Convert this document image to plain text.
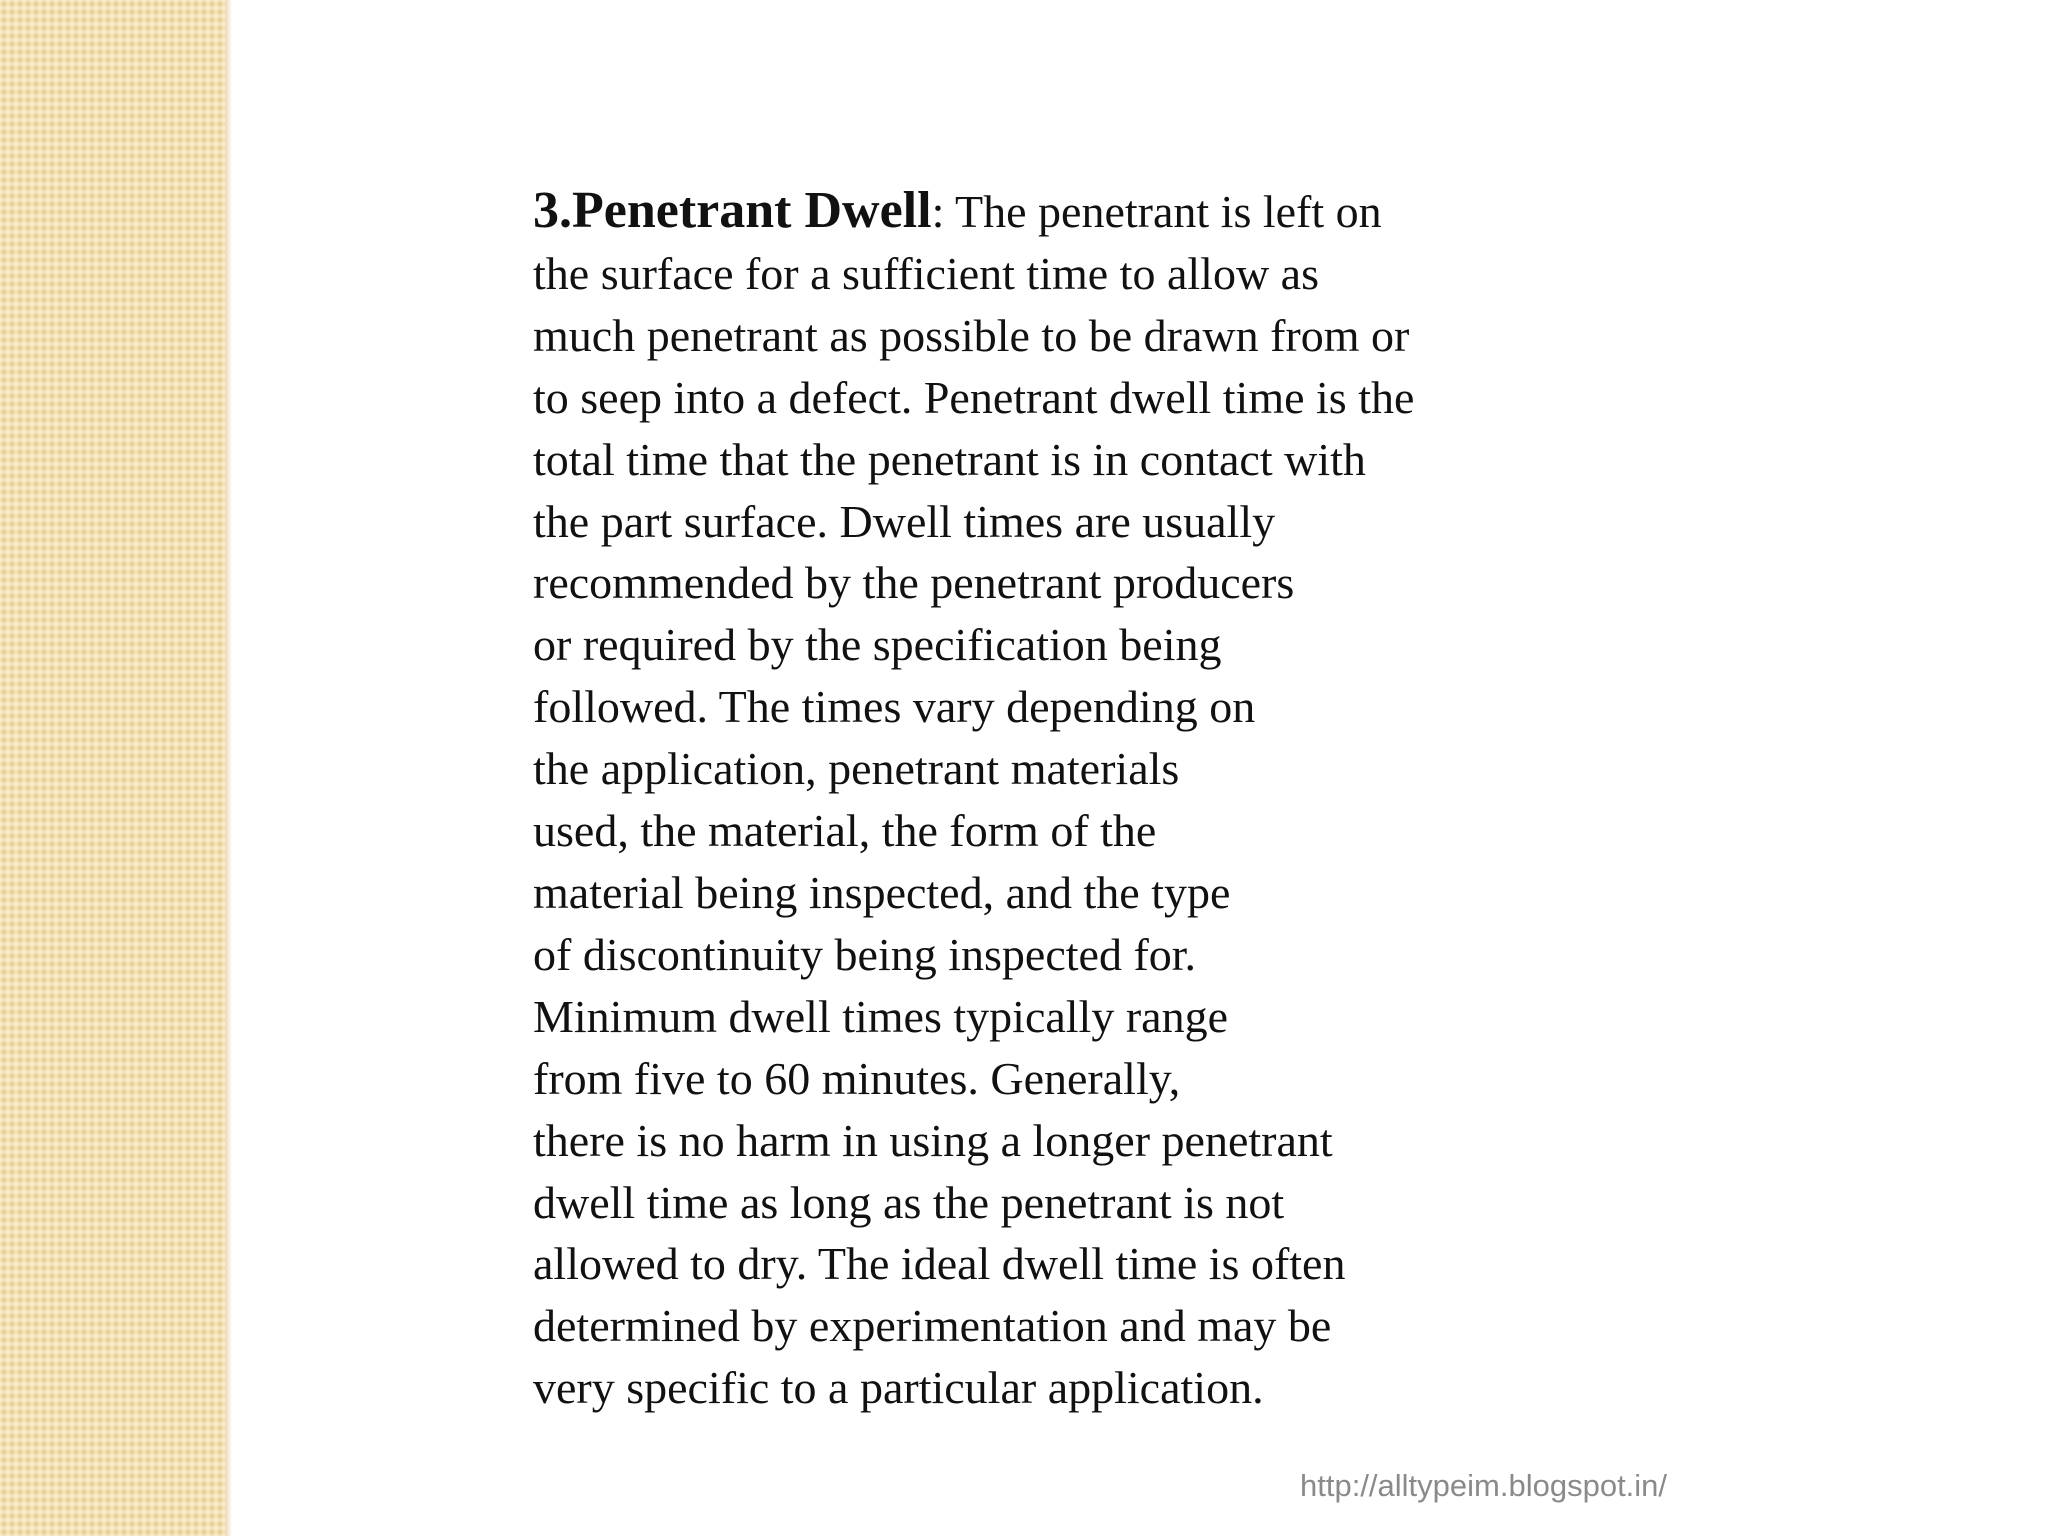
3.Penetrant Dwell: The penetrant is left on
the surface for a sufficient time to allow as
much penetrant as possible to be drawn from or
to seep into a defect. Penetrant dwell time is the
total time that the penetrant is in contact with
the part surface. Dwell times are usually
recommended by the penetrant producers
or required by the specification being
followed. The times vary depending on
the application, penetrant materials
used, the material, the form of the
material being inspected, and the type
of discontinuity being inspected for.
Minimum dwell times typically range
from five to 60 minutes. Generally,
there is no harm in using a longer penetrant
dwell time as long as the penetrant is not
allowed to dry. The ideal dwell time is often
determined by experimentation and may be
very specific to a particular application.

http://alltypeim.blogspot.in/
